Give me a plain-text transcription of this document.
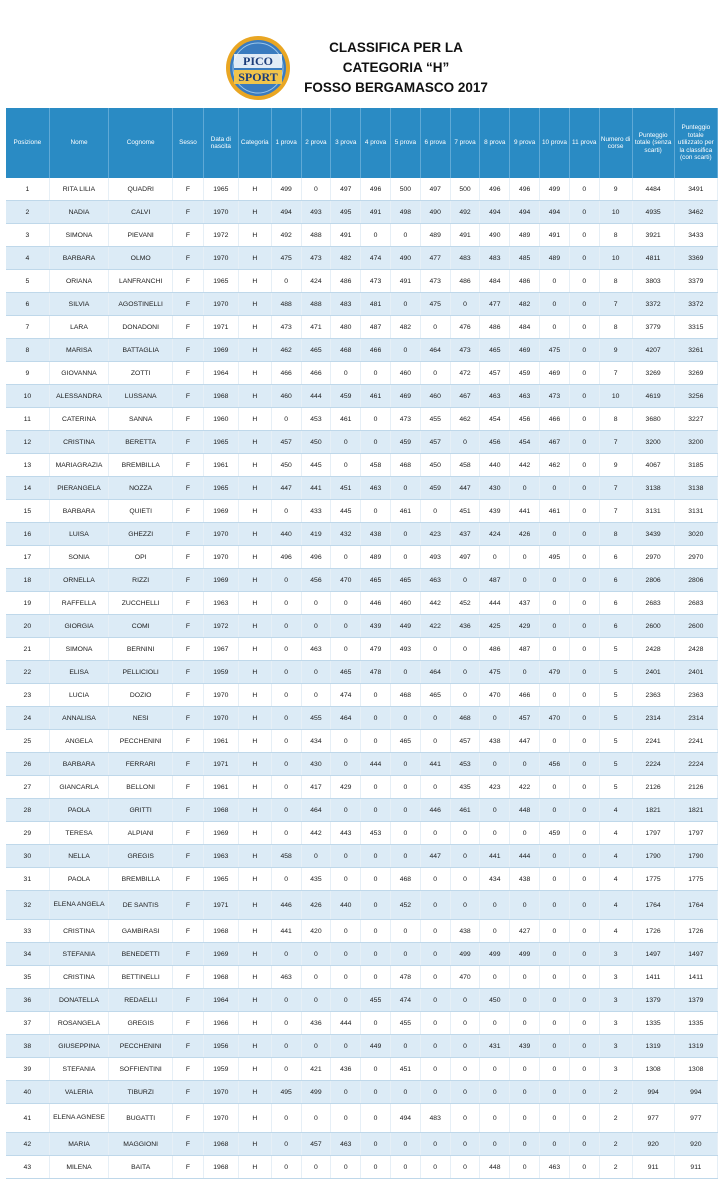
PICO
SPORT
CLASSIFICA PER LA
CATEGORIA “H”
FOSSO BERGAMASCO 2017
Posizione	Nome	Cognome	Sesso	Data di nascita	Categoria	1 prova	2 prova	3 prova	4 prova	5 prova	6 prova	7 prova	8 prova	9 prova	10 prova	11 prova	Numero di corse	Punteggio totale (senza scarti)	Punteggio totale utilizzato per la classifica (con scarti)
1	RITA LILIA	QUADRI	F	1965	H	499	0	497	496	500	497	500	496	496	499	0	9	4484	3491
2	NADIA	CALVI	F	1970	H	494	493	495	491	498	490	492	494	494	494	0	10	4935	3462
3	SIMONA	PIEVANI	F	1972	H	492	488	491	0	0	489	491	490	489	491	0	8	3921	3433
4	BARBARA	OLMO	F	1970	H	475	473	482	474	490	477	483	483	485	489	0	10	4811	3369
5	ORIANA	LANFRANCHI	F	1965	H	0	424	486	473	491	473	486	484	486	0	0	8	3803	3379
6	SILVIA	AGOSTINELLI	F	1970	H	488	488	483	481	0	475	0	477	482	0	0	7	3372	3372
7	LARA	DONADONI	F	1971	H	473	471	480	487	482	0	476	486	484	0	0	8	3779	3315
8	MARISA	BATTAGLIA	F	1969	H	462	465	468	466	0	464	473	465	469	475	0	9	4207	3261
9	GIOVANNA	ZOTTI	F	1964	H	466	466	0	0	460	0	472	457	459	469	0	7	3269	3269
10	ALESSANDRA	LUSSANA	F	1968	H	460	444	459	461	469	460	467	463	463	473	0	10	4619	3256
11	CATERINA	SANNA	F	1960	H	0	453	461	0	473	455	462	454	456	466	0	8	3680	3227
12	CRISTINA	BERETTA	F	1965	H	457	450	0	0	459	457	0	456	454	467	0	7	3200	3200
13	MARIAGRAZIA	BREMBILLA	F	1961	H	450	445	0	458	468	450	458	440	442	462	0	9	4067	3185
14	PIERANGELA	NOZZA	F	1965	H	447	441	451	463	0	459	447	430	0	0	0	7	3138	3138
15	BARBARA	QUIETI	F	1969	H	0	433	445	0	461	0	451	439	441	461	0	7	3131	3131
16	LUISA	GHEZZI	F	1970	H	440	419	432	438	0	423	437	424	426	0	0	8	3439	3020
17	SONIA	OPI	F	1970	H	496	496	0	489	0	493	497	0	0	495	0	6	2970	2970
18	ORNELLA	RIZZI	F	1969	H	0	456	470	465	465	463	0	487	0	0	0	6	2806	2806
19	RAFFELLA	ZUCCHELLI	F	1963	H	0	0	0	446	460	442	452	444	437	0	0	6	2683	2683
20	GIORGIA	COMI	F	1972	H	0	0	0	439	449	422	436	425	429	0	0	6	2600	2600
21	SIMONA	BERNINI	F	1967	H	0	463	0	479	493	0	0	486	487	0	0	5	2428	2428
22	ELISA	PELLICIOLI	F	1959	H	0	0	465	478	0	464	0	475	0	479	0	5	2401	2401
23	LUCIA	DOZIO	F	1970	H	0	0	474	0	468	465	0	470	466	0	0	5	2363	2363
24	ANNALISA	NESI	F	1970	H	0	455	464	0	0	0	468	0	457	470	0	5	2314	2314
25	ANGELA	PECCHENINI	F	1961	H	0	434	0	0	465	0	457	438	447	0	0	5	2241	2241
26	BARBARA	FERRARI	F	1971	H	0	430	0	444	0	441	453	0	0	456	0	5	2224	2224
27	GIANCARLA	BELLONI	F	1961	H	0	417	429	0	0	0	435	423	422	0	0	5	2126	2126
28	PAOLA	GRITTI	F	1968	H	0	464	0	0	0	446	461	0	448	0	0	4	1821	1821
29	TERESA	ALPIANI	F	1969	H	0	442	443	453	0	0	0	0	0	459	0	4	1797	1797
30	NELLA	GREGIS	F	1963	H	458	0	0	0	0	447	0	441	444	0	0	4	1790	1790
31	PAOLA	BREMBILLA	F	1965	H	0	435	0	0	468	0	0	434	438	0	0	4	1775	1775
32	ELENA ANGELA	DE SANTIS	F	1971	H	446	426	440	0	452	0	0	0	0	0	0	4	1764	1764
33	CRISTINA	GAMBIRASI	F	1968	H	441	420	0	0	0	0	438	0	427	0	0	4	1726	1726
34	STEFANIA	BENEDETTI	F	1969	H	0	0	0	0	0	0	499	499	499	0	0	3	1497	1497
35	CRISTINA	BETTINELLI	F	1968	H	463	0	0	0	478	0	470	0	0	0	0	3	1411	1411
36	DONATELLA	REDAELLI	F	1964	H	0	0	0	455	474	0	0	450	0	0	0	3	1379	1379
37	ROSANGELA	GREGIS	F	1966	H	0	436	444	0	455	0	0	0	0	0	0	3	1335	1335
38	GIUSEPPINA	PECCHENINI	F	1956	H	0	0	0	449	0	0	0	431	439	0	0	3	1319	1319
39	STEFANIA	SOFFIENTINI	F	1959	H	0	421	436	0	451	0	0	0	0	0	0	3	1308	1308
40	VALERIA	TIBURZI	F	1970	H	495	499	0	0	0	0	0	0	0	0	0	2	994	994
41	ELENA AGNESE	BUGATTI	F	1970	H	0	0	0	0	494	483	0	0	0	0	0	2	977	977
42	MARIA	MAGGIONI	F	1968	H	0	457	463	0	0	0	0	0	0	0	0	2	920	920
43	MILENA	BAITA	F	1968	H	0	0	0	0	0	0	0	448	0	463	0	2	911	911
